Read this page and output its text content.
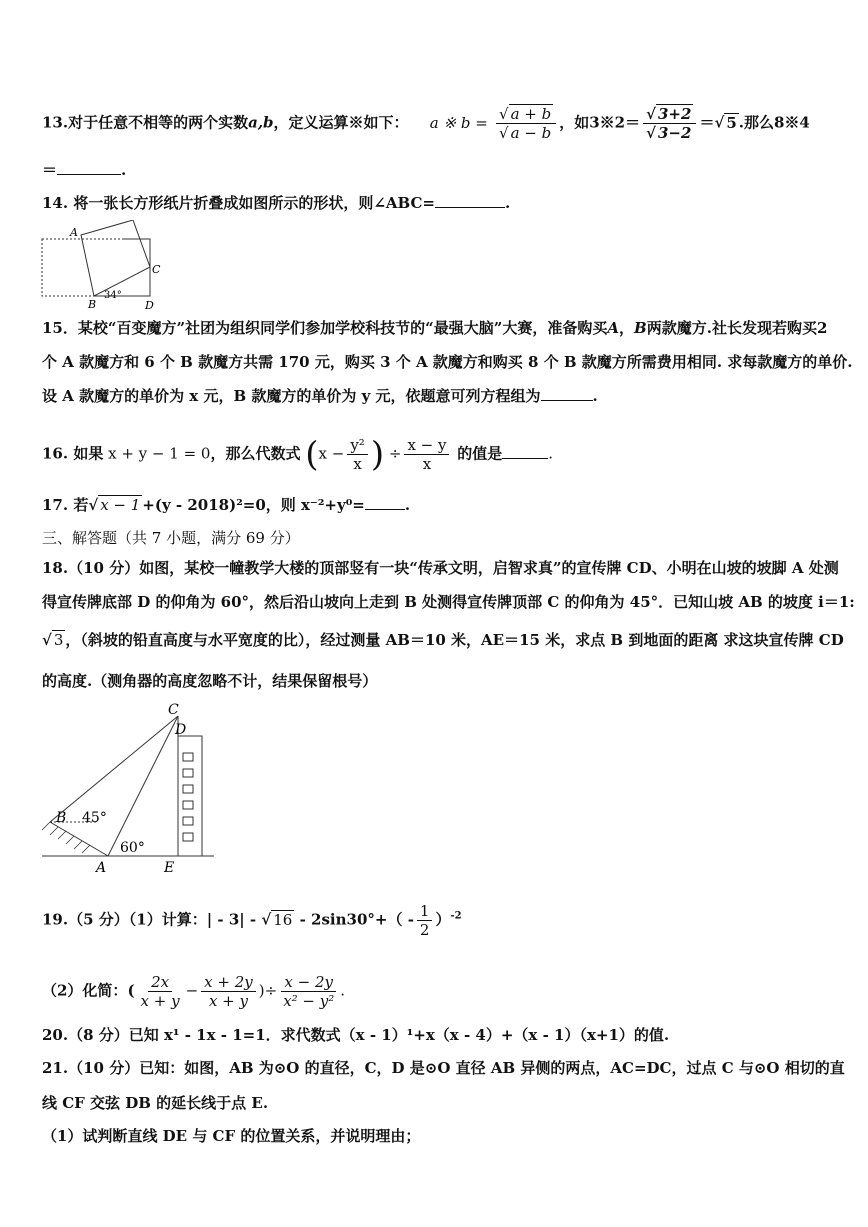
13.对于任意不相等的两个实数a,b，定义运算※如下： a ※ $b = \frac{√ a + b}{√ a - b}$ ，如3※2＝ $\frac{√ 3+2}{√ 3-2}$ ＝√ 5 .那么8※4
＝	.
14. 将一张长方形纸片折叠成如图所示的形状，则∠ABC=	.
A
C
B	D
34°
15．某校“百变魔方”社团为组织同学们参加学校科技节的“最强大脑”大赛，准备购买A，B两款魔方.社长发现若购买2
个 A 款魔方和 6 个 B 款魔方共需 170 元，购买 3 个 A 款魔方和购买 8 个 B 款魔方所需费用相同. 求每款魔方的单价.
设 A 款魔方的单价为 x 元，B 款魔方的单价为 y 元，依题意可列方程组为	.
16. 如果 x + y − 1 = 0，那么代数式 ($x - \frac{\text{y²}}{x}$ ) ÷ $\frac{x - y}{x}$ 的值是	.
17. 若√ x − 1 +(y - 2018)²=0，则 x⁻²+y⁰=	.
三、解答题（共 7 小题，满分 69 分）
18.（10 分）如图，某校一幢教学大楼的顶部竖有一块“传承文明，启智求真”的宣传牌 CD、小明在山坡的坡脚 A 处测
得宣传牌底部 D 的仰角为 60°，然后沿山坡向上走到 B 处测得宣传牌顶部 C 的仰角为 45°．已知山坡 AB 的坡度 i＝1:
√ 3 ，（斜坡的铅直高度与水平宽度的比），经过测量 AB＝10 米，AE＝15 米，求点 B 到地面的距离 求这块宣传牌 CD
的高度.（测角器的高度忽略不计，结果保留根号）
C
D
B
A	E
45°
60°
19.（5 分）（1）计算：| - 3| - √ $16 - 2\sin 30^\circ+( - \frac{1}{2} )^{-2}$
（2）化简：( $\frac{2x}{x + y} - \frac{x + 2y}{x + y}$ )÷ $\frac{x - 2y}{\text{x² − y²}}$ .
20.（8 分）已知 x¹ - 1x - 1=1．求代数式（x - 1）¹+x（x - 4）+（x - 1）（x+1）的值.
21.（10 分）已知：如图，AB 为⊙O 的直径，C，D 是⊙O 直径 AB 异侧的两点，AC=DC，过点 C 与⊙O 相切的直
线 CF 交弦 DB 的延长线于点 E.
（1）试判断直线 DE 与 CF 的位置关系，并说明理由；
